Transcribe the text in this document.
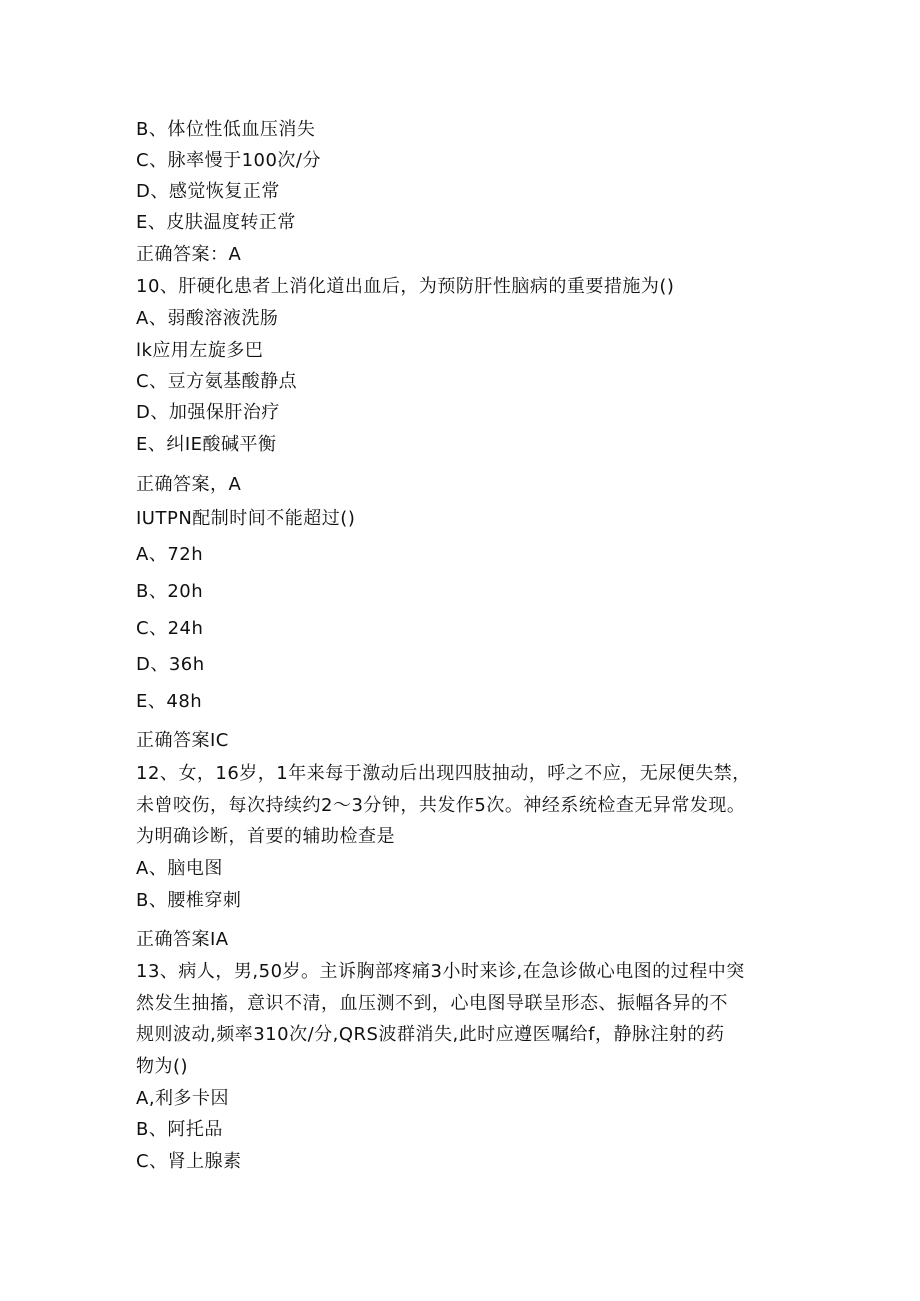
B、体位性低血压消失
C、脉率慢于100次/分
D、感觉恢复正常
E、皮肤温度转正常
正确答案：A
10、肝硬化患者上消化道出血后，为预防肝性脑病的重要措施为()
A、弱酸溶液洗肠
lk应用左旋多巴
C、豆方氨基酸静点
D、加强保肝治疗
E、纠IE酸碱平衡
正确答案，A
IUTPN配制时间不能超过()
A、72h
B、20h
C、24h
D、36h
E、48h
正确答案IC
12、女，16岁，1年来每于激动后出现四肢抽动，呼之不应，无尿便失禁，
未曾咬伤，每次持续约2〜3分钟，共发作5次。神经系统检查无异常发现。
为明确诊断，首要的辅助检查是
A、脑电图
B、腰椎穿刺
正确答案IA
13、病人，男,50岁。主诉胸部疼痛3小时来诊,在急诊做心电图的过程中突
然发生抽搐，意识不清，血压测不到，心电图导联呈形态、振幅各异的不
规则波动,频率310次/分,QRS波群消失,此时应遵医嘱给f，静脉注射的药
物为()
A,利多卡因
B、阿托品
C、肾上腺素
